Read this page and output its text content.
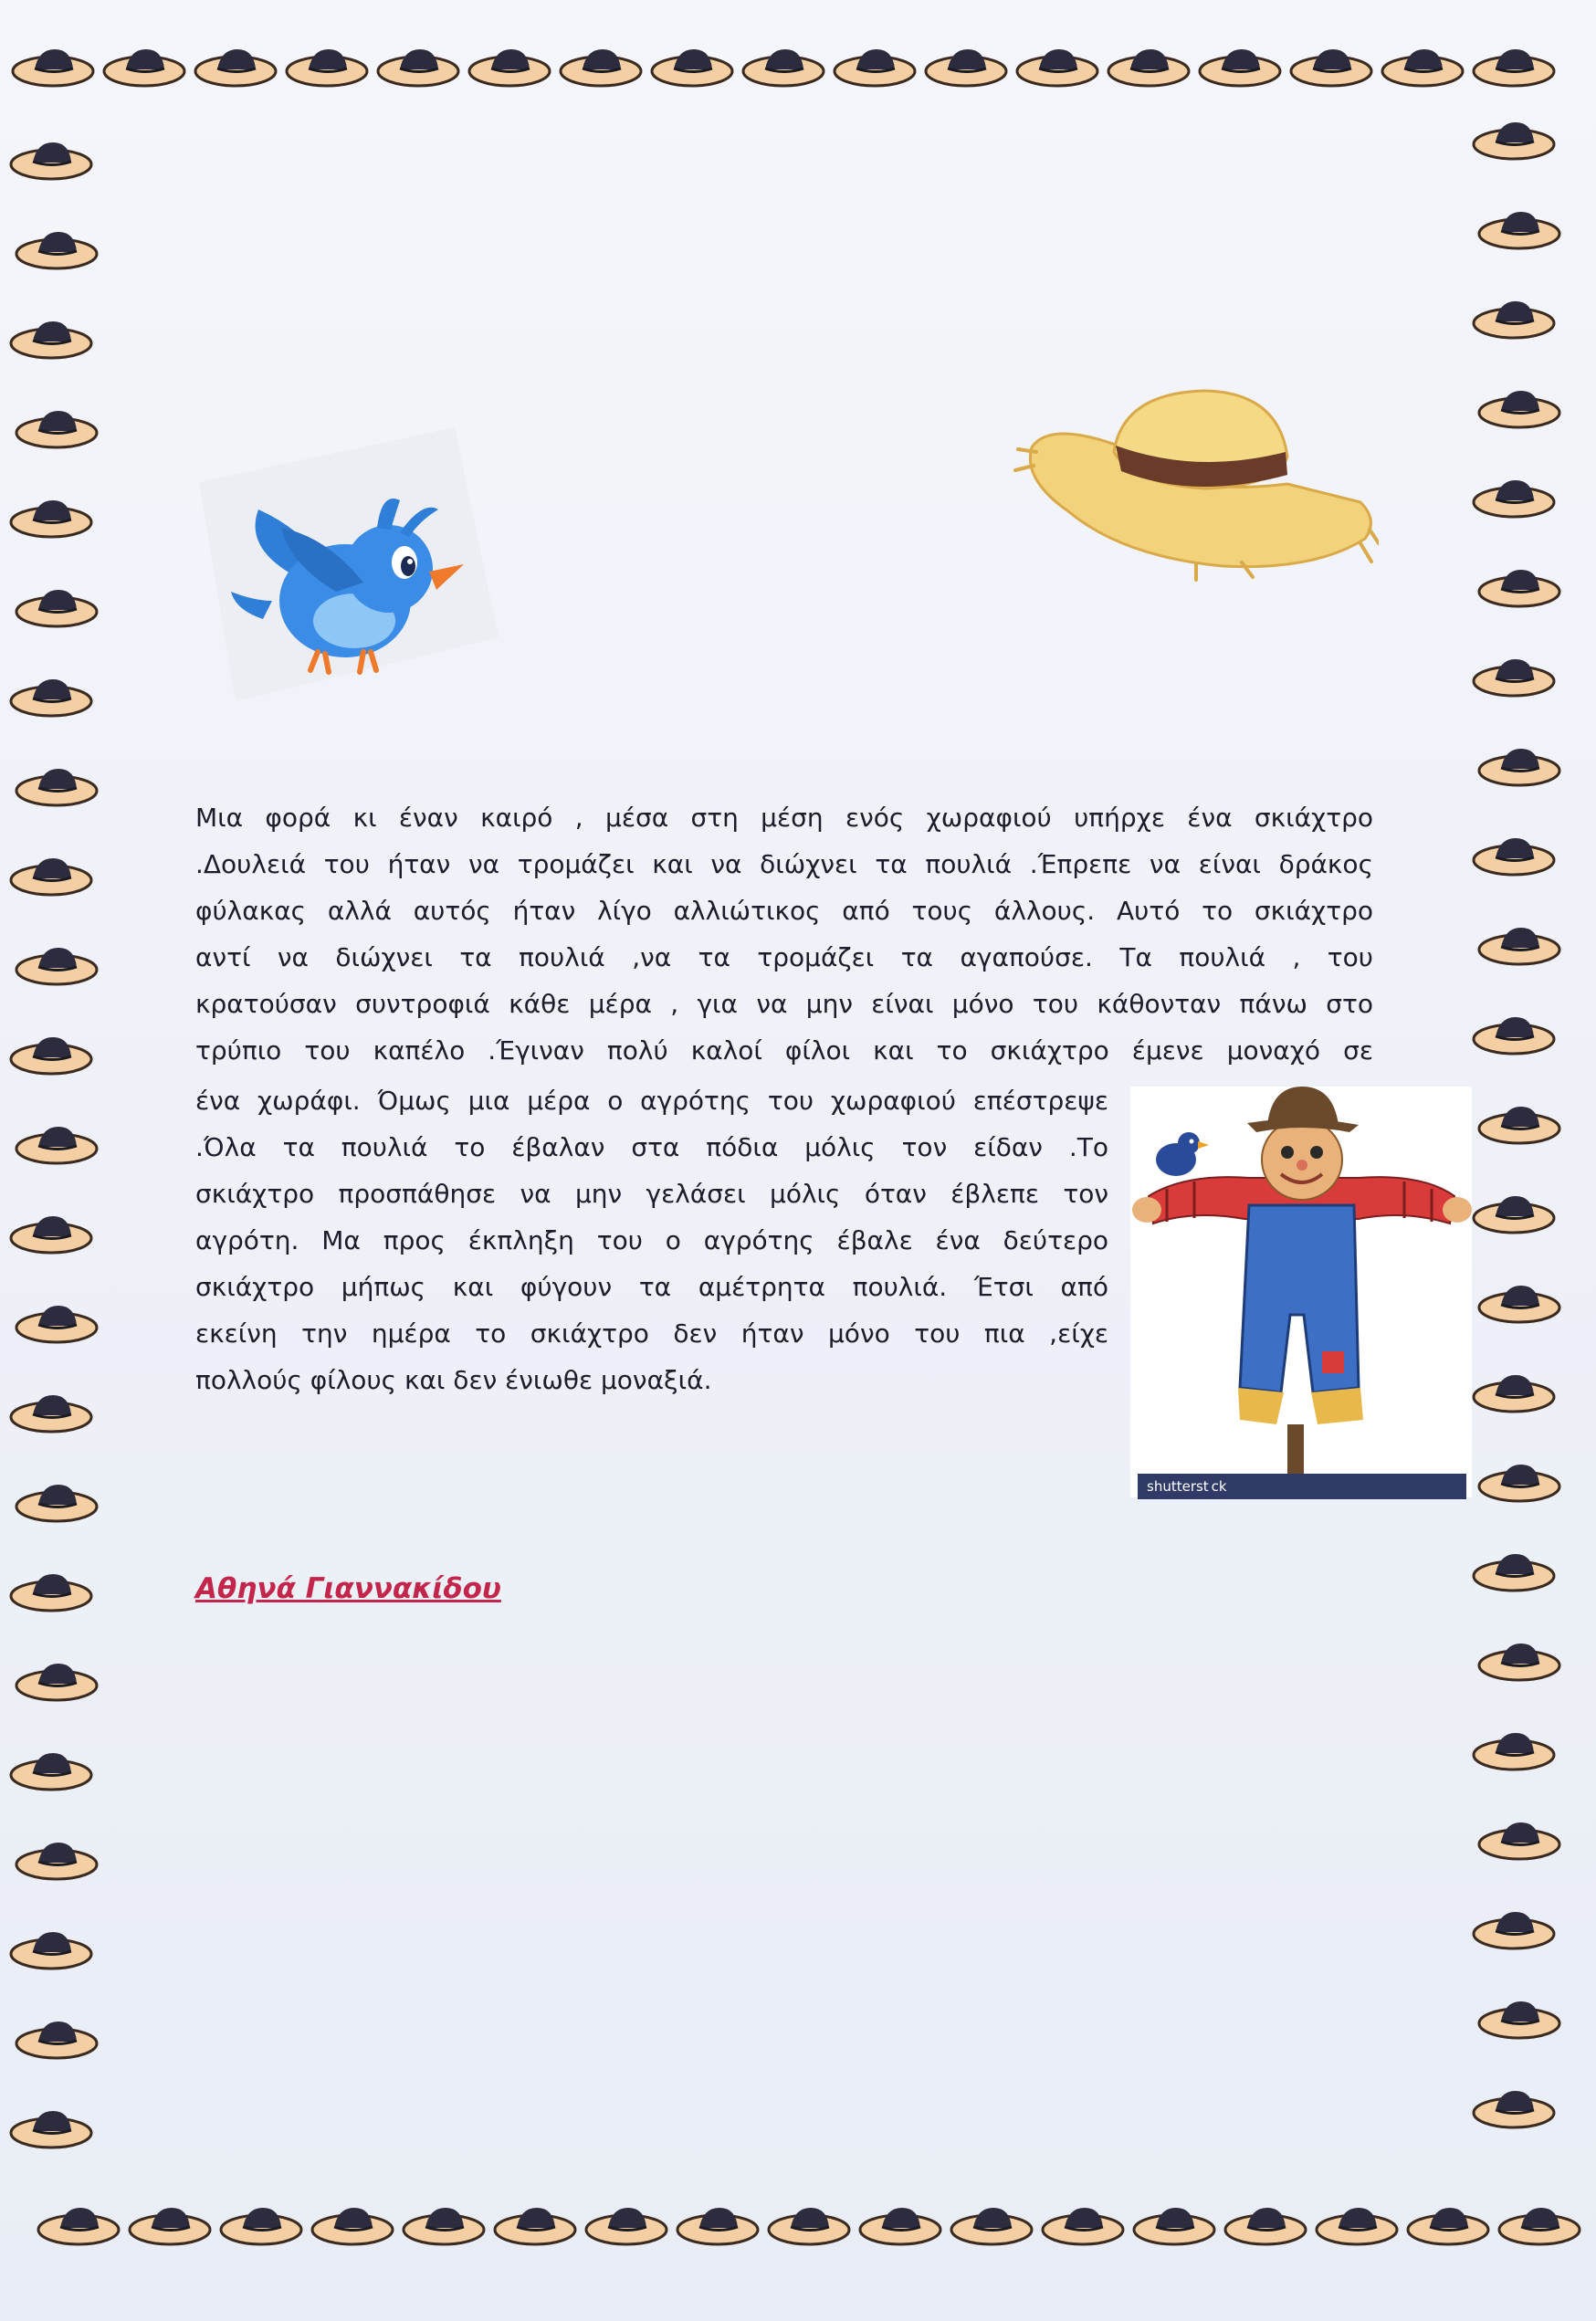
Μια φορά κι έναν καιρό , μέσα στη μέση ενός χωραφιού υπήρχε ένα σκιάχτρο
.Δουλειά του ήταν να τρομάζει και να διώχνει τα πουλιά .Έπρεπε να είναι δράκος
φύλακας αλλά αυτός ήταν λίγο αλλιώτικος από τους άλλους. Αυτό το σκιάχτρο
αντί να διώχνει τα πουλιά ,να τα τρομάζει τα αγαπούσε. Τα πουλιά , του
κρατούσαν συντροφιά κάθε μέρα , για να μην είναι μόνο του κάθονταν πάνω στο
τρύπιο του καπέλο .Έγιναν πολύ καλοί φίλοι και το σκιάχτρο έμενε μοναχό σε
ένα χωράφι. Όμως μια μέρα ο αγρότης του χωραφιού επέστρεψε
.Όλα τα πουλιά το έβαλαν στα πόδια μόλις τον είδαν .Το
σκιάχτρο προσπάθησε να μην γελάσει μόλις όταν έβλεπε τον
αγρότη. Μα προς έκπληξη του ο αγρότης έβαλε ένα δεύτερο
σκιάχτρο μήπως και φύγουν τα αμέτρητα πουλιά. Έτσι από
εκείνη την ημέρα το σκιάχτρο δεν ήταν μόνο του πια ,είχε
πολλούς φίλους και δεν ένιωθε μοναξιά.
shutterst ck
Αθηνά Γιαννακίδου
